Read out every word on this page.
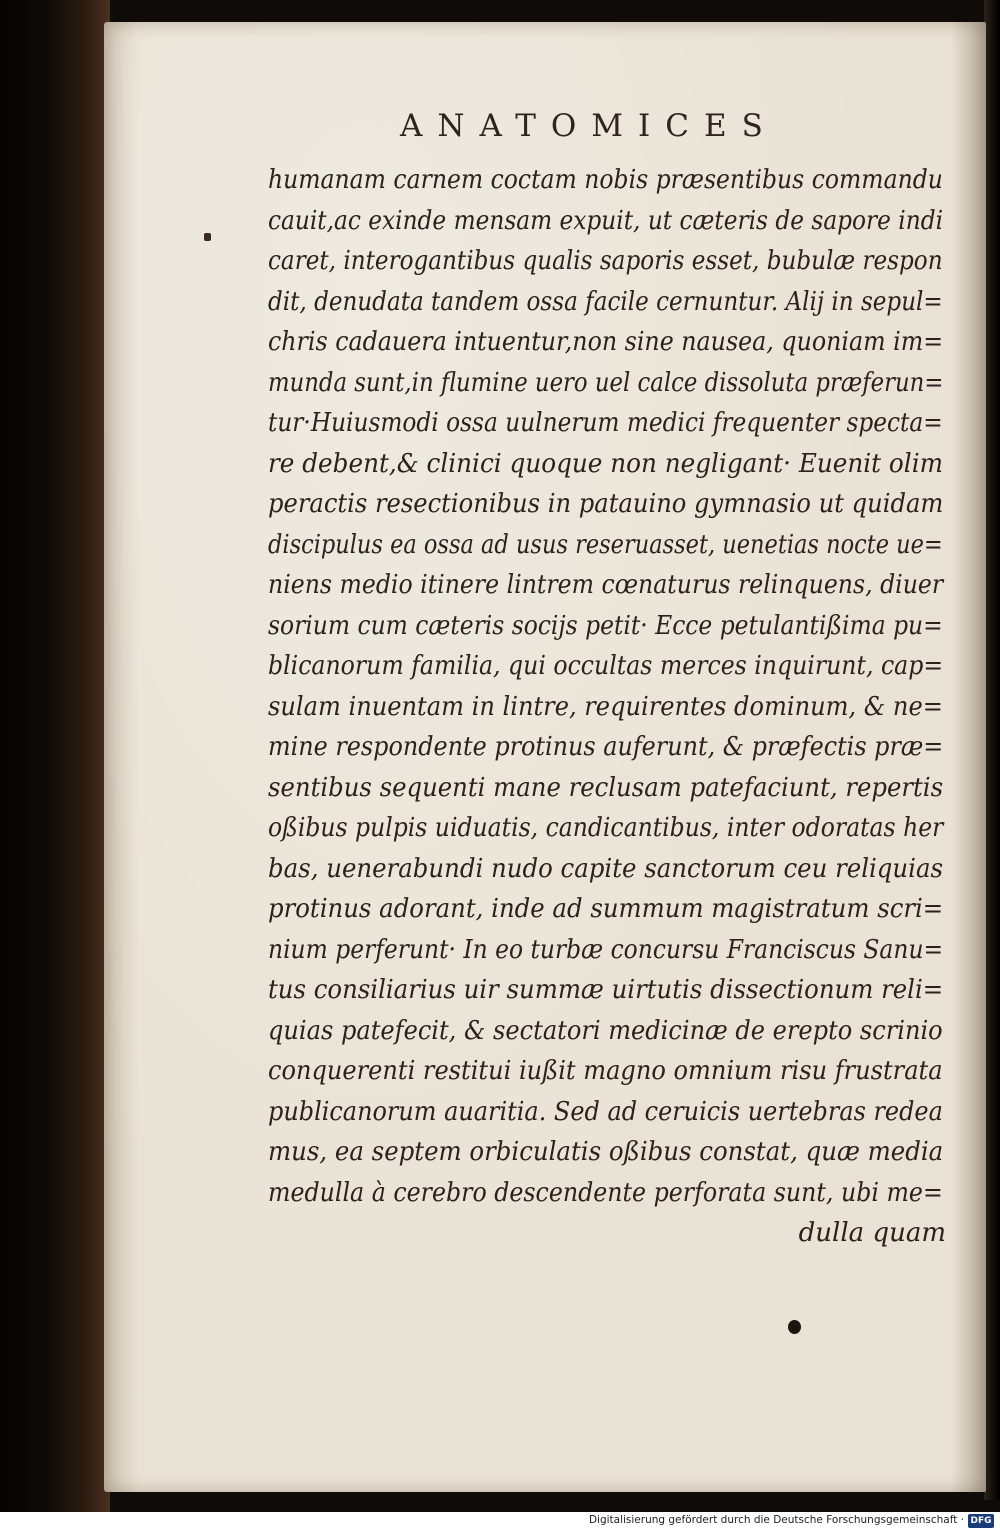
ANATOMICES
humanam carnem coctam nobis præsentibus commandu
cauit,ac exinde mensam expuit, ut cæteris de sapore indi
caret, interogantibus qualis saporis esset, bubulæ respon
dit, denudata tandem ossa facile cernuntur. Alij in sepul=
chris cadauera intuentur,non sine nausea, quoniam im=
munda sunt,in flumine uero uel calce dissoluta præferun=
tur·Huiusmodi ossa uulnerum medici frequenter specta=
re debent,& clinici quoque non negligant· Euenit olim
peractis resectionibus in patauino gymnasio ut quidam
discipulus ea ossa ad usus reseruasset, uenetias nocte ue=
niens medio itinere lintrem cœnaturus relinquens, diuer
sorium cum cæteris socijs petit· Ecce petulantißima pu=
blicanorum familia, qui occultas merces inquirunt, cap=
sulam inuentam in lintre, requirentes dominum, & ne=
mine respondente protinus auferunt, & præfectis præ=
sentibus sequenti mane reclusam patefaciunt, repertis
oßibus pulpis uiduatis, candicantibus, inter odoratas her
bas, uenerabundi nudo capite sanctorum ceu reliquias
protinus adorant, inde ad summum magistratum scri=
nium perferunt· In eo turbæ concursu Franciscus Sanu=
tus consiliarius uir summæ uirtutis dissectionum reli=
quias patefecit, & sectatori medicinæ de erepto scrinio
conquerenti restitui iußit magno omnium risu frustrata
publicanorum auaritia. Sed ad ceruicis uertebras redea
mus, ea septem orbiculatis oßibus constat, quæ media
medulla à cerebro descendente perforata sunt, ubi me=
dulla quam
Digitalisierung gefördert durch die Deutsche Forschungsgemeinschaft · DFG
